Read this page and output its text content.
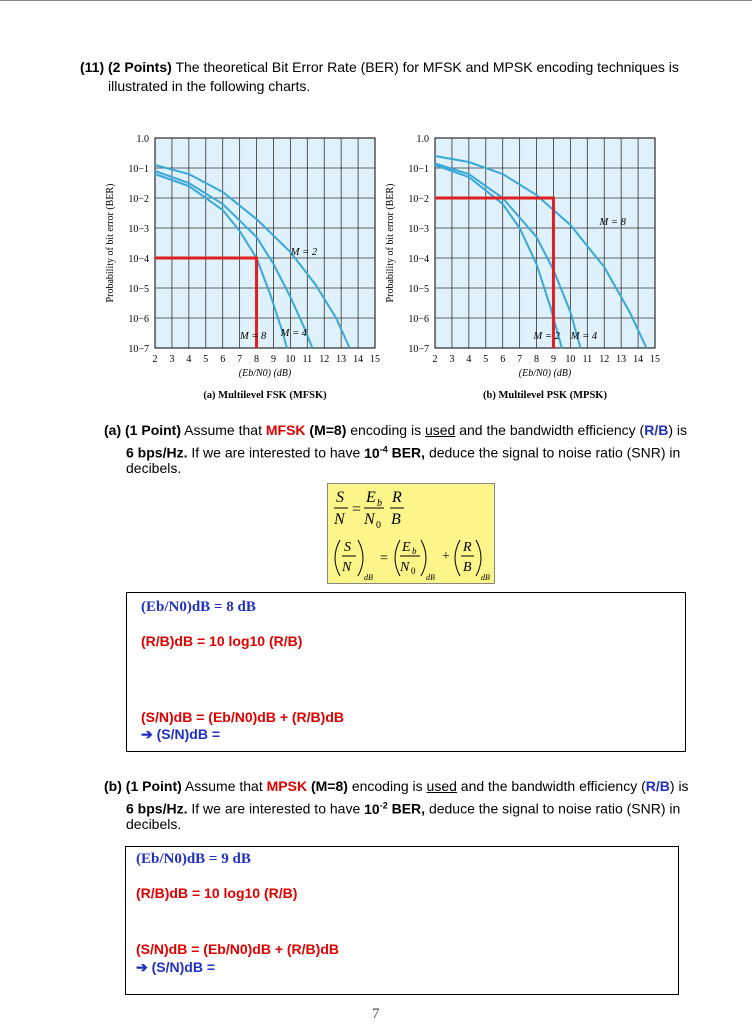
(11) (2 Points) The theoretical Bit Error Rate (BER) for MFSK and MPSK encoding techniques is
illustrated in the following charts.
1.0
10−1
10−2
10−3
10−4
10−5
10−6
10−7
2 3 4 5 6 7 8 9 10 11 12 13 14 15
Probability of bit error (BER)
(Eb/N0) (dB)
(a) Multilevel FSK (MFSK)
M = 2
M = 4
M = 8
1.0
10−1
10−2
10−3
10−4
10−5
10−6
10−7
2 3 4 5 6 7 8 9 10 11 12 13 14 15
Probability of bit error (BER)
(Eb/N0) (dB)
(b) Multilevel PSK (MPSK)
M = 2 M = 4
M = 8
(a) (1 Point) Assume that MFSK (M=8) encoding is used and the bandwidth efficiency (R/B) is
6 bps/Hz. If we are interested to have $10^{-4}$ BER, deduce the signal to noise ratio (SNR) in
decibels.
S
N
=
E b
N 0
R
B
S
N
dB
=
E b
N 0
dB
+
R
B
dB
(Eb/N0)dB = 8 dB
(R/B)dB = 10 log10 (R/B)
(S/N)dB = (Eb/N0)dB + (R/B)dB
➔ (S/N)dB =
(b) (1 Point) Assume that MPSK (M=8) encoding is used and the bandwidth efficiency (R/B) is
6 bps/Hz. If we are interested to have $10^{-2}$ BER, deduce the signal to noise ratio (SNR) in
decibels.
(Eb/N0)dB = 9 dB
(R/B)dB = 10 log10 (R/B)
(S/N)dB = (Eb/N0)dB + (R/B)dB
➔ (S/N)dB =
7
